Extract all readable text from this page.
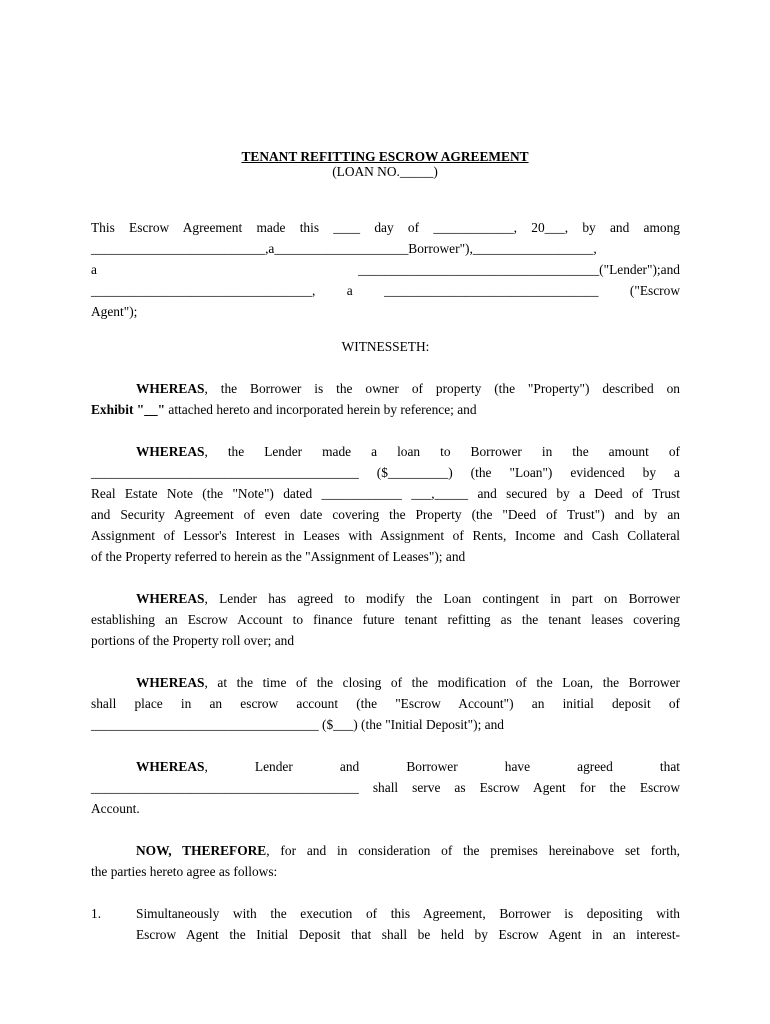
TENANT REFITTING ESCROW AGREEMENT
(LOAN NO._____)
This Escrow Agreement made this ____ day of ____________, 20___, by and among
__________________________,a____________________Borrower"),__________________,
a ____________________________________("Lender");and
_________________________________, a ________________________________ ("Escrow
Agent");
WITNESSETH:
WHEREAS, the Borrower is the owner of property (the "Property") described on
Exhibit "__" attached hereto and incorporated herein by reference; and
WHEREAS, the Lender made a loan to Borrower in the amount of
________________________________________ ($_________) (the "Loan") evidenced by a
Real Estate Note (the "Note") dated ____________ ___,_____ and secured by a Deed of Trust
and Security Agreement of even date covering the Property (the "Deed of Trust") and by an
Assignment of Lessor's Interest in Leases with Assignment of Rents, Income and Cash Collateral
of the Property referred to herein as the "Assignment of Leases"); and
WHEREAS, Lender has agreed to modify the Loan contingent in part on Borrower
establishing an Escrow Account to finance future tenant refitting as the tenant leases covering
portions of the Property roll over; and
WHEREAS, at the time of the closing of the modification of the Loan, the Borrower
shall place in an escrow account (the "Escrow Account") an initial deposit of
__________________________________ ($___) (the "Initial Deposit"); and
WHEREAS, Lender and Borrower have agreed that
________________________________________ shall serve as Escrow Agent for the Escrow
Account.
NOW, THEREFORE, for and in consideration of the premises hereinabove set forth,
the parties hereto agree as follows:
1.	Simultaneously with the execution of this Agreement, Borrower is depositing with
Escrow Agent the Initial Deposit that shall be held by Escrow Agent in an interest-
